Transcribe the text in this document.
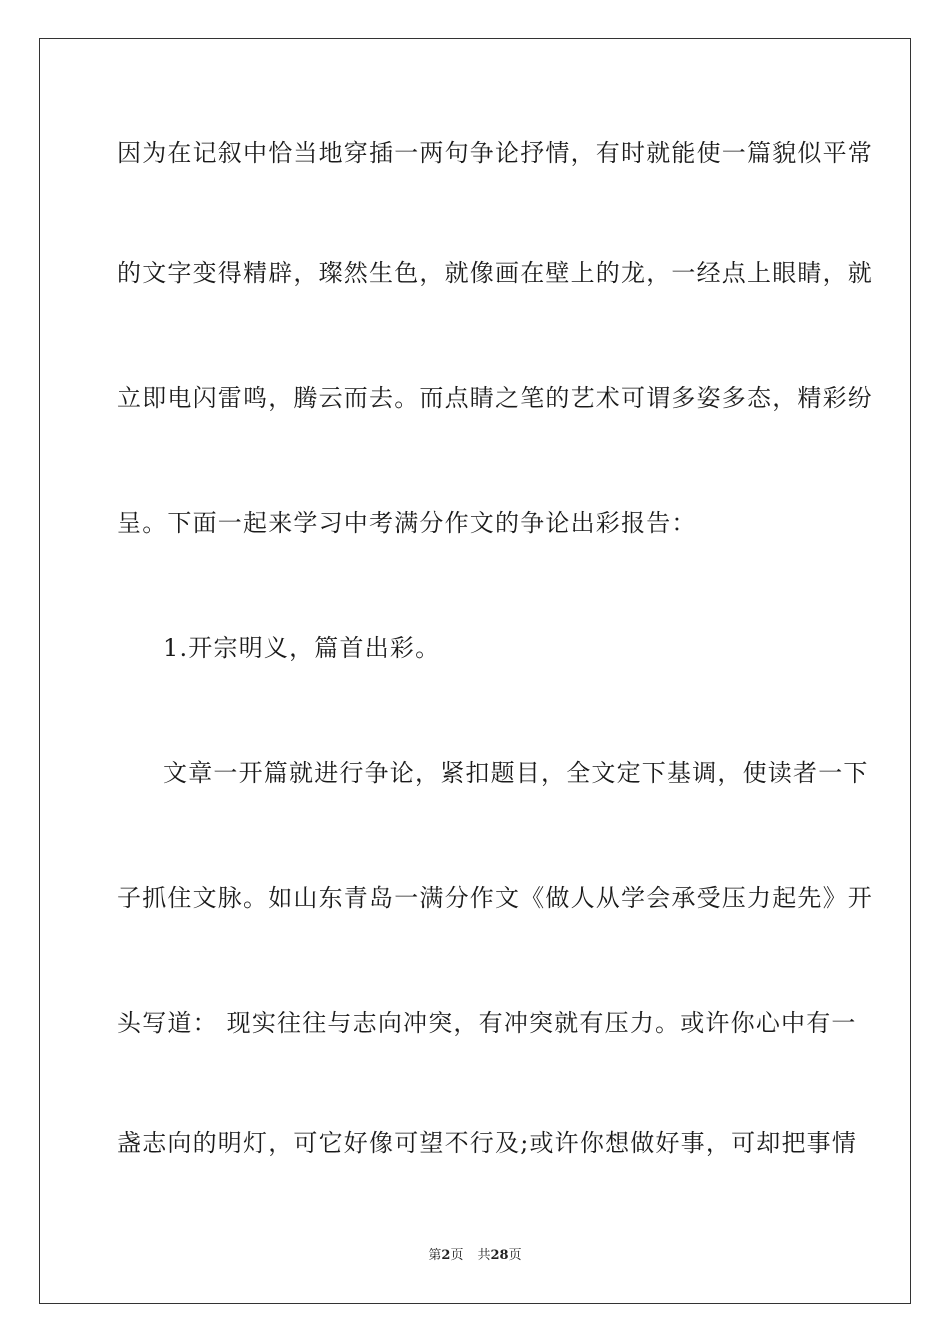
因为在记叙中恰当地穿插一两句争论抒情，有时就能使一篇貌似平常
的文字变得精辟，璨然生色，就像画在壁上的龙，一经点上眼睛，就
立即电闪雷鸣，腾云而去。而点睛之笔的艺术可谓多姿多态，精彩纷
呈。下面一起来学习中考满分作文的争论出彩报告：
1.开宗明义，篇首出彩。
文章一开篇就进行争论，紧扣题目，全文定下基调，使读者一下
子抓住文脉。如山东青岛一满分作文《做人从学会承受压力起先》开
头写道： 现实往往与志向冲突，有冲突就有压力。或许你心中有一
盏志向的明灯，可它好像可望不行及;或许你想做好事，可却把事情
第2页 共28页
